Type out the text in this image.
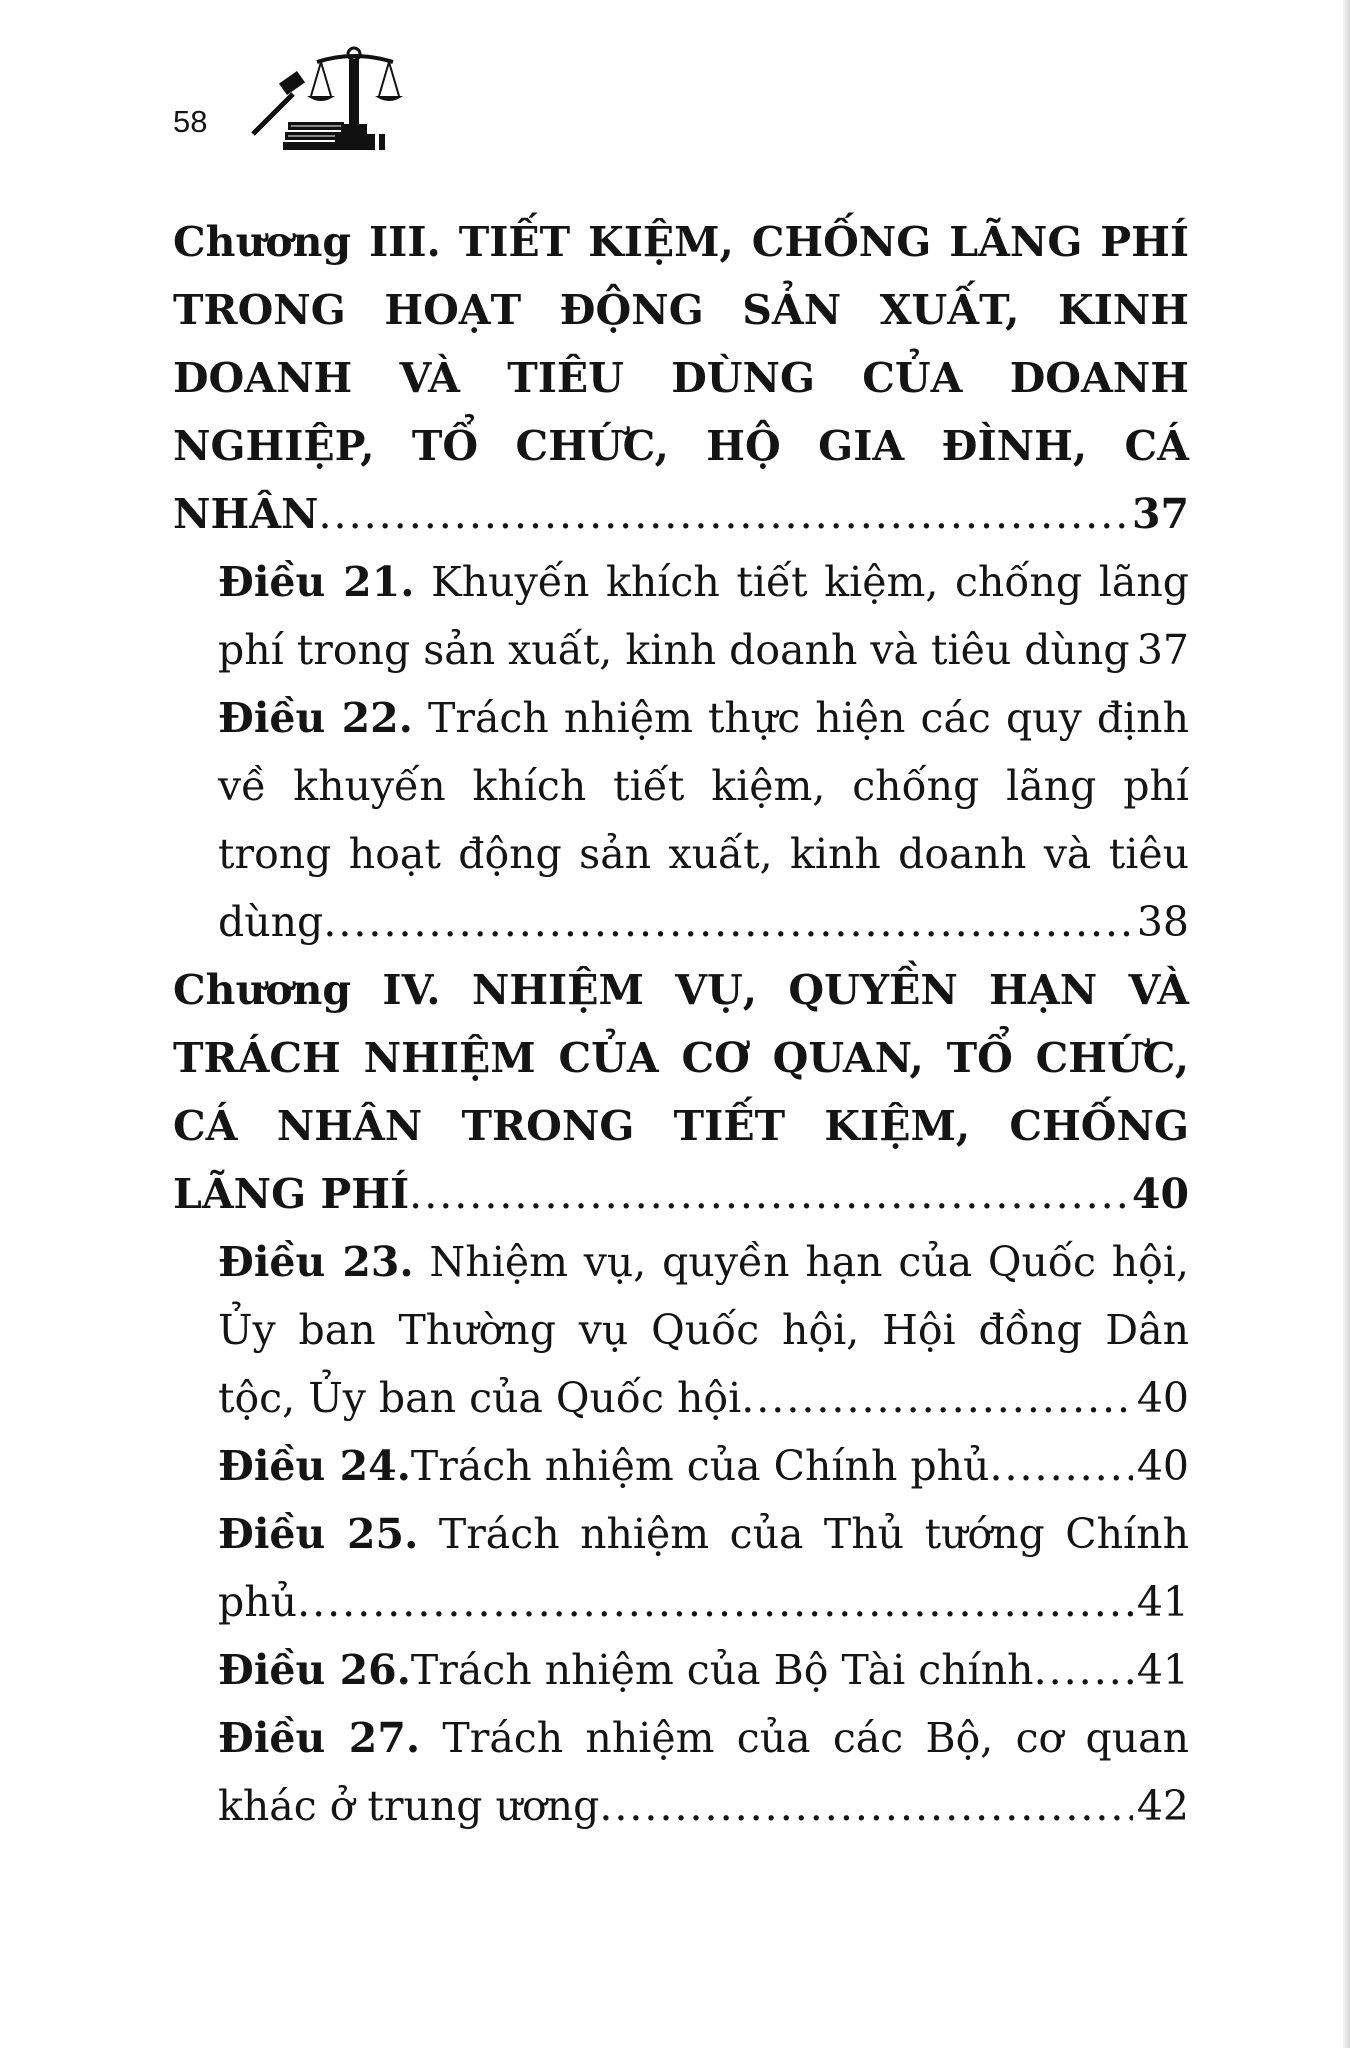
58
Chương III. TIẾT KIỆM, CHỐNG LÃNG PHÍ
TRONG HOẠT ĐỘNG SẢN XUẤT, KINH
DOANH VÀ TIÊU DÙNG CỦA DOANH
NGHIỆP, TỔ CHỨC, HỘ GIA ĐÌNH, CÁ
NHÂN .....	37
Điều 21. Khuyến khích tiết kiệm, chống lãng
phí trong sản xuất, kinh doanh và tiêu dùng ..... 37
Điều 22. Trách nhiệm thực hiện các quy định
về khuyến khích tiết kiệm, chống lãng phí
trong hoạt động sản xuất, kinh doanh và tiêu
dùng .....	38
Chương IV. NHIỆM VỤ, QUYỀN HẠN VÀ
TRÁCH NHIỆM CỦA CƠ QUAN, TỔ CHỨC,
CÁ NHÂN TRONG TIẾT KIỆM, CHỐNG
LÃNG PHÍ .....	40
Điều 23. Nhiệm vụ, quyền hạn của Quốc hội,
Ủy ban Thường vụ Quốc hội, Hội đồng Dân
tộc, Ủy ban của Quốc hội .....	40
Điều 24. Trách nhiệm của Chính phủ .....	40
Điều 25. Trách nhiệm của Thủ tướng Chính
phủ .....	41
Điều 26. Trách nhiệm của Bộ Tài chính .....	41
Điều 27. Trách nhiệm của các Bộ, cơ quan
khác ở trung ương .....	42
